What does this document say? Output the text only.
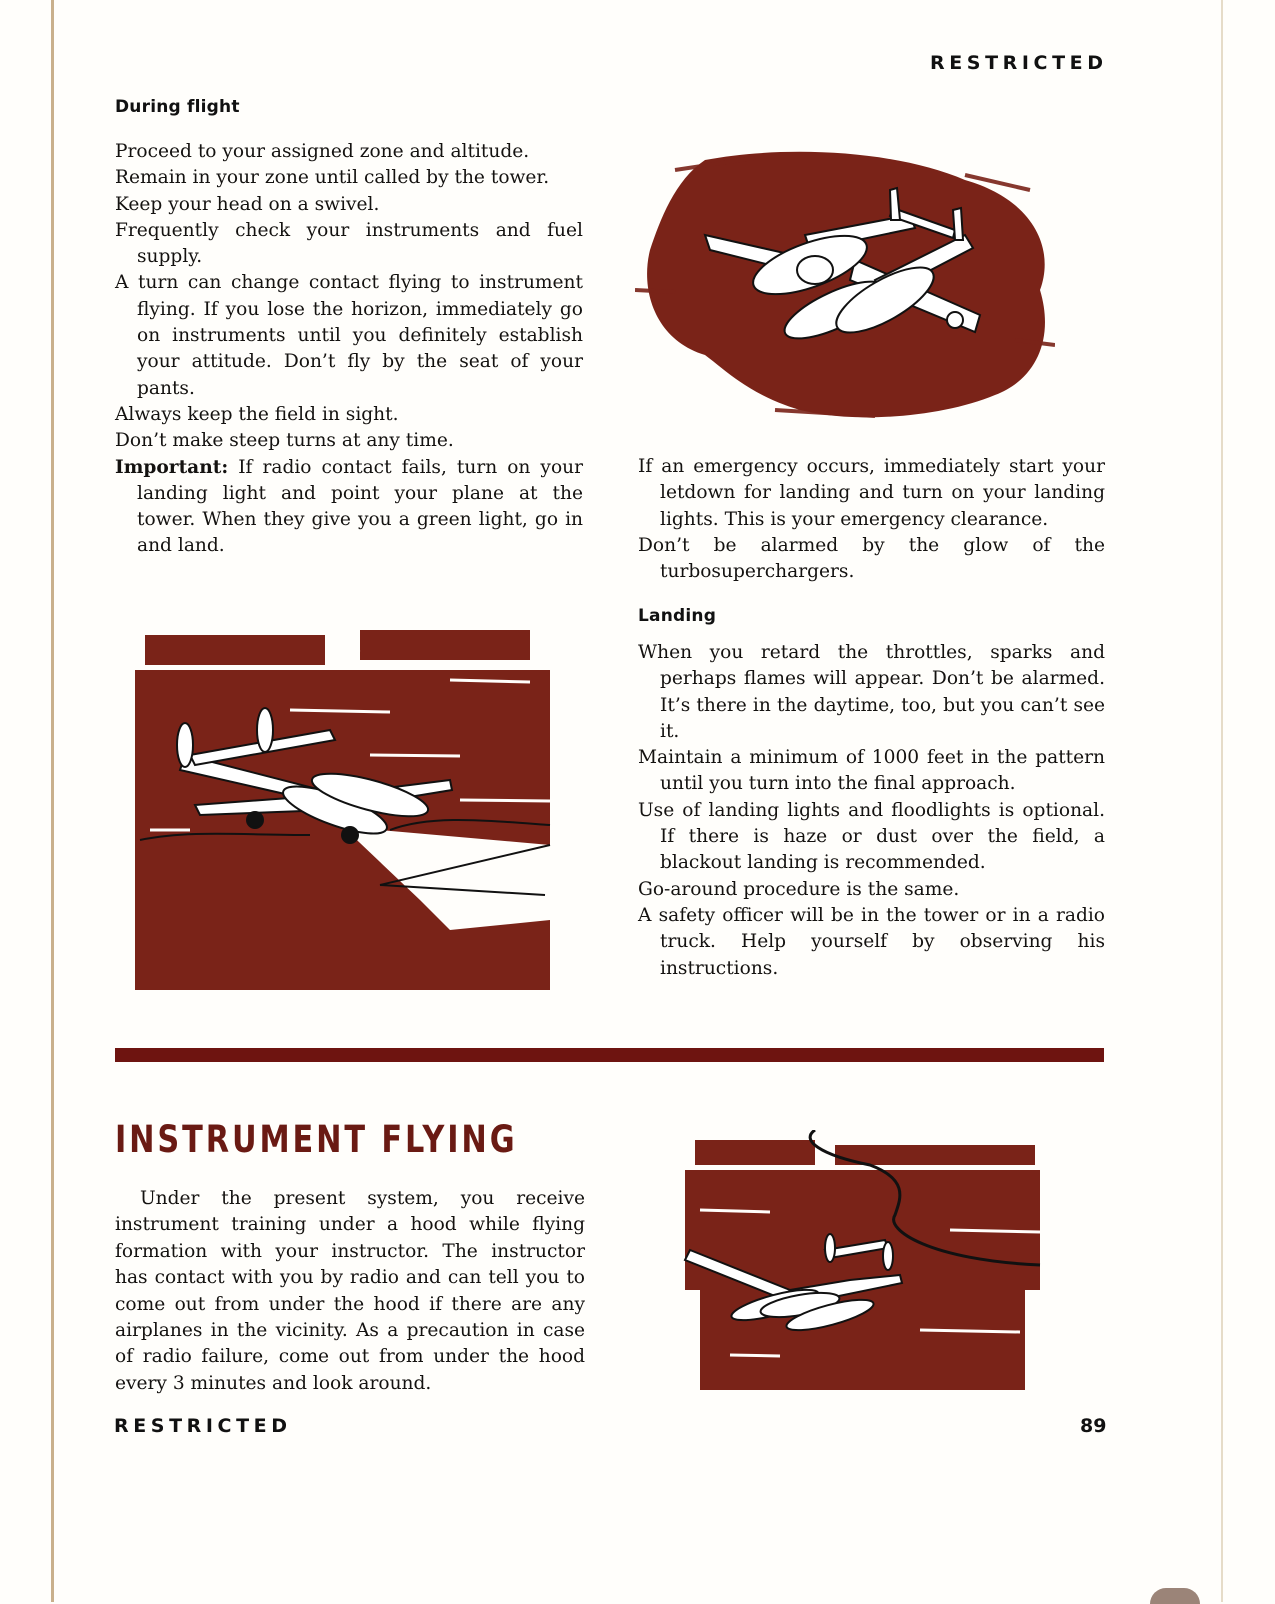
RESTRICTED
During flight

Proceed to your assigned zone and altitude.

Remain in your zone until called by the tower.

Keep your head on a swivel.

Frequently check your instruments and fuel supply.

A turn can change contact flying to instrument flying. If you lose the horizon, immediately go on instruments until you definitely establish your attitude. Don’t fly by the seat of your pants.

Always keep the field in sight.

Don’t make steep turns at any time.

Important: If radio contact fails, turn on your landing light and point your plane at the tower. When they give you a green light, go in and land.

If an emergency occurs, immediately start your letdown for landing and turn on your landing lights. This is your emergency clearance.

Don’t be alarmed by the glow of the turbosuperchargers.

Landing

When you retard the throttles, sparks and perhaps flames will appear. Don’t be alarmed. It’s there in the daytime, too, but you can’t see it.

Maintain a minimum of 1000 feet in the pattern until you turn into the final approach.

Use of landing lights and floodlights is optional. If there is haze or dust over the field, a blackout landing is recommended.

Go-around procedure is the same.

A safety officer will be in the tower or in a radio truck. Help yourself by observing his instructions.

INSTRUMENT FLYING

Under the present system, you receive instrument training under a hood while flying formation with your instructor. The instructor has contact with you by radio and can tell you to come out from under the hood if there are any airplanes in the vicinity. As a precaution in case of radio failure, come out from under the hood every 3 minutes and look around.

RESTRICTED	89
